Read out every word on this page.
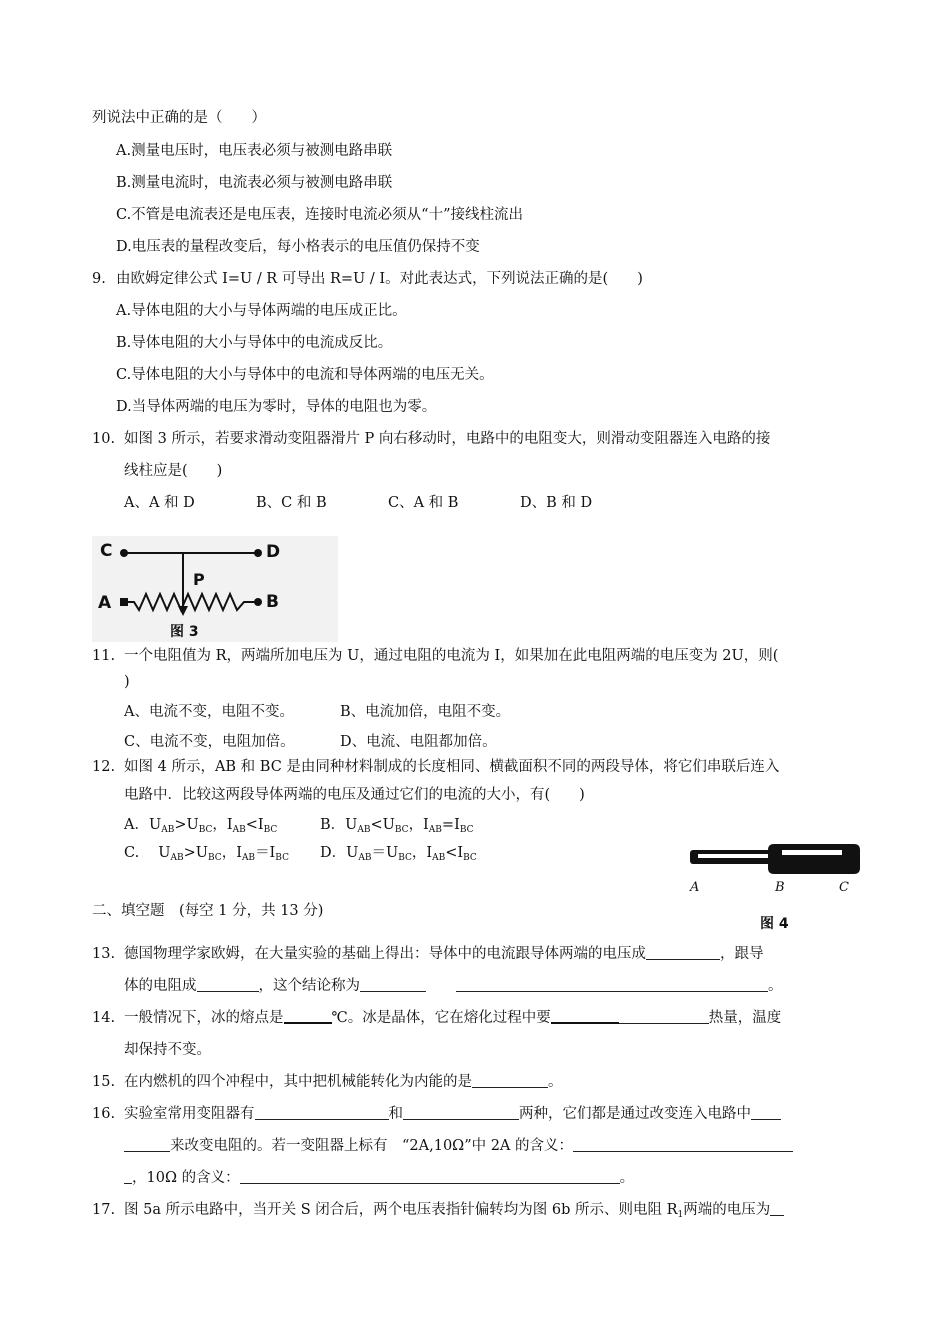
列说法中正确的是（　　）
A.测量电压时，电压表必须与被测电路串联
B.测量电流时，电流表必须与被测电路串联
C.不管是电流表还是电压表，连接时电流必须从“十”接线柱流出
D.电压表的量程改变后，每小格表示的电压值仍保持不变
9. 由欧姆定律公式 I=U / R 可导出 R=U / I。对此表达式，下列说法正确的是(　　)
A.导体电阻的大小与导体两端的电压成正比。
B.导体电阻的大小与导体中的电流成反比。
C.导体电阻的大小与导体中的电流和导体两端的电压无关。
D.当导体两端的电压为零时，导体的电阻也为零。
10. 如图 3 所示，若要求滑动变阻器滑片 P 向右移动时，电路中的电阻变大，则滑动变阻器连入电路的接
线柱应是(　　)
A、A 和 D	B、C 和 B	C、A 和 B	D、B 和 D
C	D
P
A	B
图 3
11. 一个电阻值为 R，两端所加电压为 U，通过电阻的电流为 I，如果加在此电阻两端的电压变为 2U，则(
)
A、电流不变，电阻不变。	B、电流加倍，电阻不变。
C、电流不变，电阻加倍。	D、电流、电阻都加倍。
12. 如图 4 所示，AB 和 BC 是由同种材料制成的长度相同、横截面积不同的两段导体，将它们串联后连入
电路中．比较这两段导体两端的电压及通过它们的电流的大小，有(　　)
A．$U_{AB}>U_{BC}$，$I_{AB}<I_{BC}$	B．$U_{AB}<U_{BC}$，$I_{AB}=I_{BC}$
C.　 $U_{AB}>U_{BC}$，$I_{AB}=I_{BC}$ D．$U_{AB}=U_{BC}$，$I_{AB}<I_{BC}$
A	B	C
图 4
二、填空题　(每空 1 分，共 13 分)
13. 德国物理学家欧姆，在大量实验的基础上得出：导体中的电流跟导体两端的电压成	，跟导
体的电阻成	，这个结论称为	。
14. 一般情况下，冰的熔点是	℃。冰是晶体，它在熔化过程中要	热量，温度
却保持不变。
15. 在内燃机的四个冲程中，其中把机械能转化为内能的是	。
16. 实验室常用变阻器有	和	两种，它们都是通过改变连入电路中
来改变电阻的。若一变阻器上标有　“2A,10Ω”中 2A 的含义：
，10Ω 的含义：	。
17. 图 5a 所示电路中，当开关 S 闭合后，两个电压表指针偏转均为图 6b 所示、则电阻 $R_1$两端的电压为
